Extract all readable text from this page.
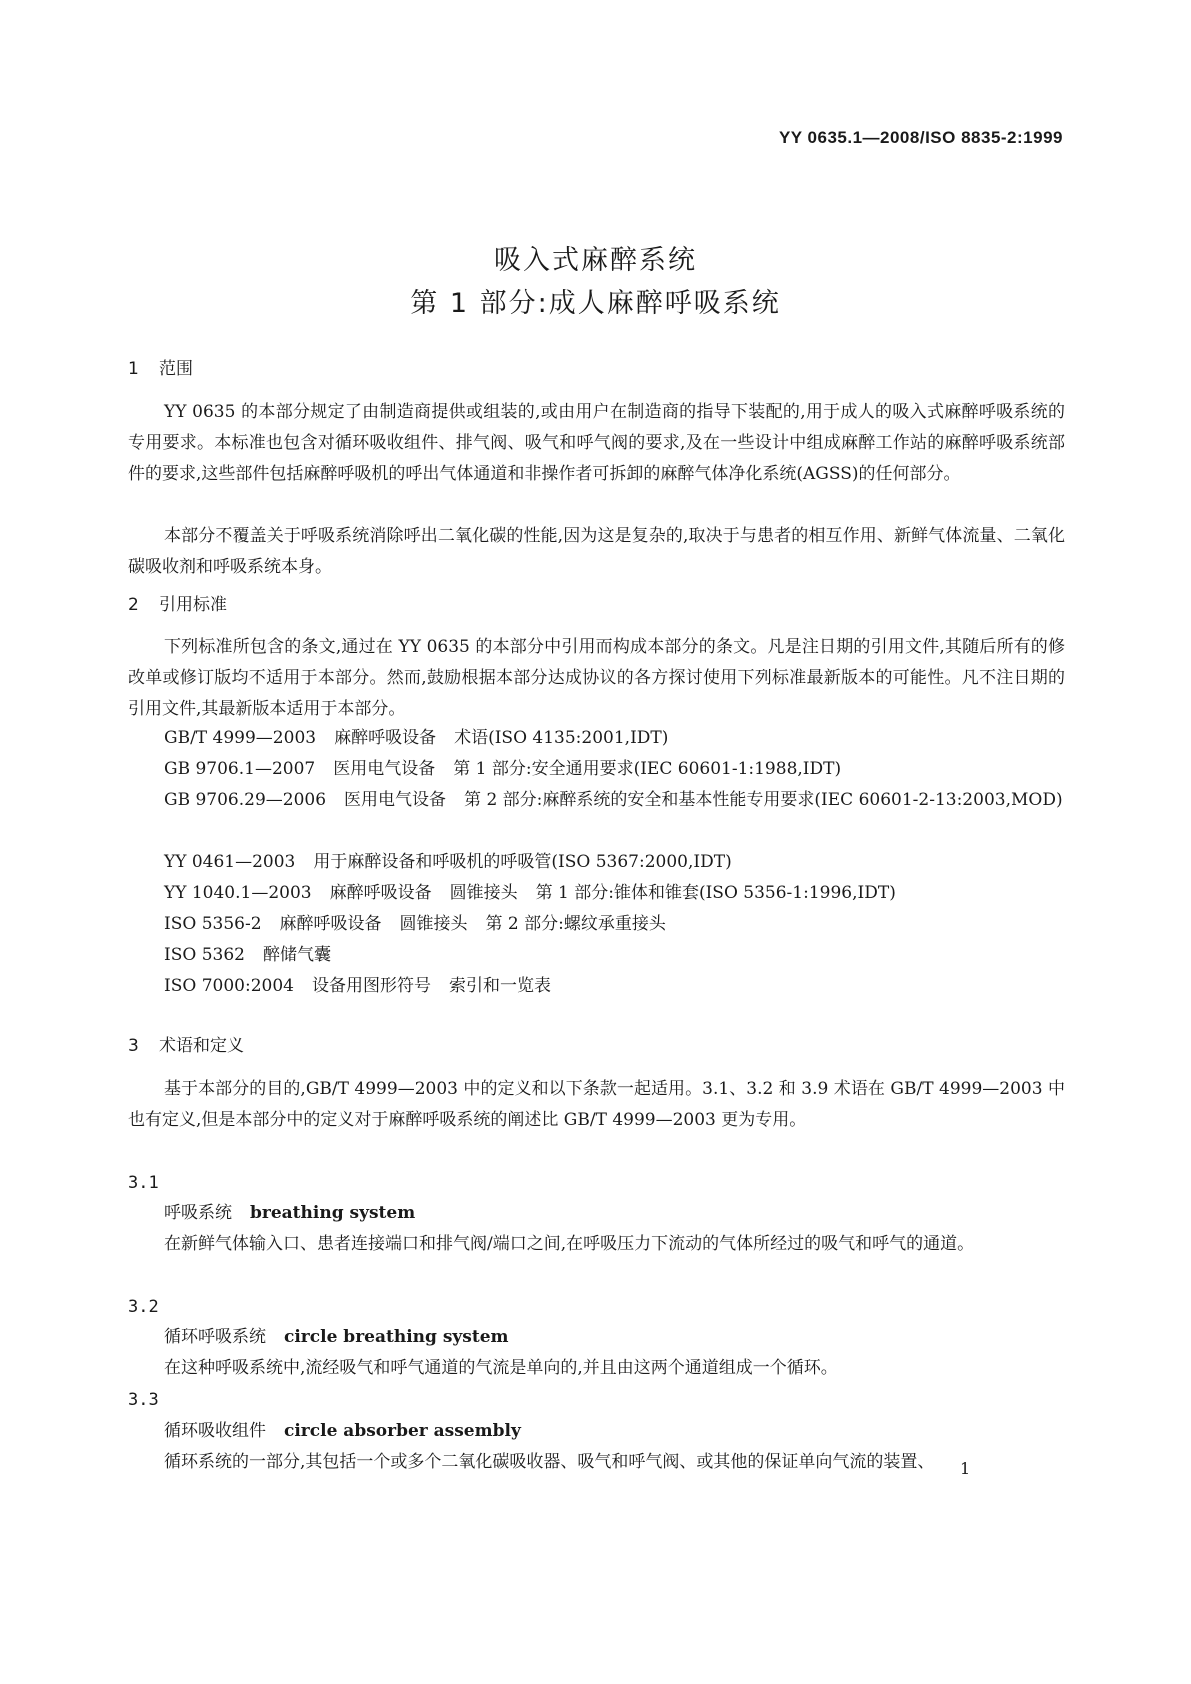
YY 0635.1—2008/ISO 8835-2:1999
吸入式麻醉系统
第 1 部分:成人麻醉呼吸系统
1 范围
YY 0635 的本部分规定了由制造商提供或组装的,或由用户在制造商的指导下装配的,用于成人的吸入式麻醉呼吸系统的专用要求。本标准也包含对循环吸收组件、排气阀、吸气和呼气阀的要求,及在一些设计中组成麻醉工作站的麻醉呼吸系统部件的要求,这些部件包括麻醉呼吸机的呼出气体通道和非操作者可拆卸的麻醉气体净化系统(AGSS)的任何部分。
本部分不覆盖关于呼吸系统消除呼出二氧化碳的性能,因为这是复杂的,取决于与患者的相互作用、新鲜气体流量、二氧化碳吸收剂和呼吸系统本身。
2 引用标准
下列标准所包含的条文,通过在 YY 0635 的本部分中引用而构成本部分的条文。凡是注日期的引用文件,其随后所有的修改单或修订版均不适用于本部分。然而,鼓励根据本部分达成协议的各方探讨使用下列标准最新版本的可能性。凡不注日期的引用文件,其最新版本适用于本部分。
GB/T 4999—2003 麻醉呼吸设备 术语(ISO 4135:2001,IDT)
GB 9706.1—2007 医用电气设备 第 1 部分:安全通用要求(IEC 60601-1:1988,IDT)
GB 9706.29—2006 医用电气设备 第 2 部分:麻醉系统的安全和基本性能专用要求(IEC 60601-2-13:2003,MOD)
YY 0461—2003 用于麻醉设备和呼吸机的呼吸管(ISO 5367:2000,IDT)
YY 1040.1—2003 麻醉呼吸设备 圆锥接头 第 1 部分:锥体和锥套(ISO 5356-1:1996,IDT)
ISO 5356-2 麻醉呼吸设备 圆锥接头 第 2 部分:螺纹承重接头
ISO 5362 醉储气囊
ISO 7000:2004 设备用图形符号 索引和一览表
3 术语和定义
基于本部分的目的,GB/T 4999—2003 中的定义和以下条款一起适用。3.1、3.2 和 3.9 术语在 GB/T 4999—2003 中也有定义,但是本部分中的定义对于麻醉呼吸系统的阐述比 GB/T 4999—2003 更为专用。
3.1
呼吸系统 breathing system
在新鲜气体输入口、患者连接端口和排气阀/端口之间,在呼吸压力下流动的气体所经过的吸气和呼气的通道。
3.2
循环呼吸系统 circle breathing system
在这种呼吸系统中,流经吸气和呼气通道的气流是单向的,并且由这两个通道组成一个循环。
3.3
循环吸收组件 circle absorber assembly
循环系统的一部分,其包括一个或多个二氧化碳吸收器、吸气和呼气阀、或其他的保证单向气流的装置、	1
